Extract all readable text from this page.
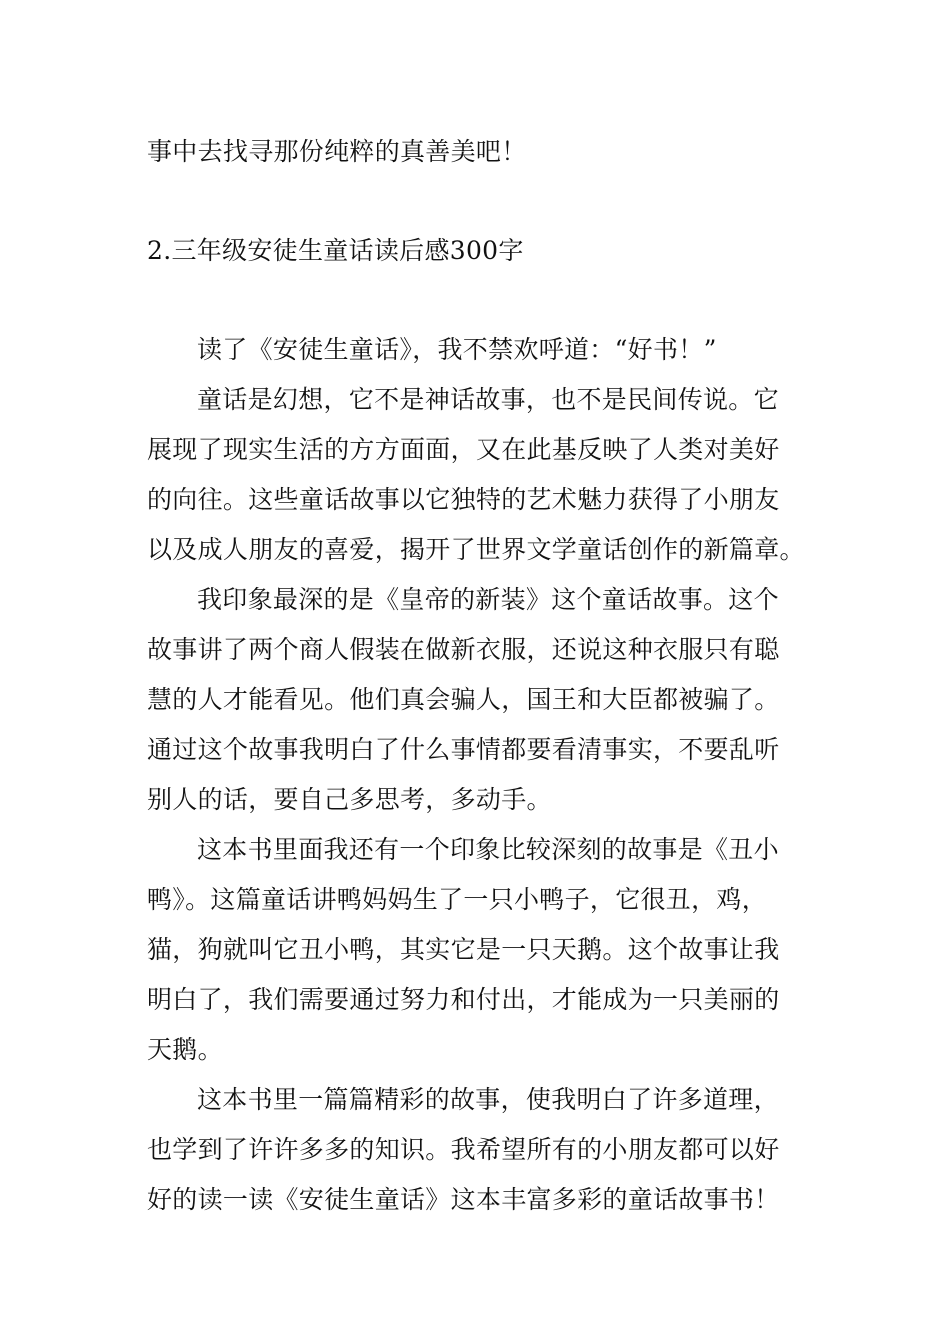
事中去找寻那份纯粹的真善美吧！
2.三年级安徒生童话读后感300字
读了《安徒生童话》，我不禁欢呼道：“好书！”
童话是幻想，它不是神话故事，也不是民间传说。它
展现了现实生活的方方面面，又在此基反映了人类对美好
的向往。这些童话故事以它独特的艺术魅力获得了小朋友
以及成人朋友的喜爱，揭开了世界文学童话创作的新篇章。
我印象最深的是《皇帝的新装》这个童话故事。这个
故事讲了两个商人假装在做新衣服，还说这种衣服只有聪
慧的人才能看见。他们真会骗人，国王和大臣都被骗了。
通过这个故事我明白了什么事情都要看清事实，不要乱听
别人的话，要自己多思考，多动手。
这本书里面我还有一个印象比较深刻的故事是《丑小
鸭》。这篇童话讲鸭妈妈生了一只小鸭子，它很丑，鸡，
猫，狗就叫它丑小鸭，其实它是一只天鹅。这个故事让我
明白了，我们需要通过努力和付出，才能成为一只美丽的
天鹅。
这本书里一篇篇精彩的故事，使我明白了许多道理，
也学到了许许多多的知识。我希望所有的小朋友都可以好
好的读一读《安徒生童话》这本丰富多彩的童话故事书！
